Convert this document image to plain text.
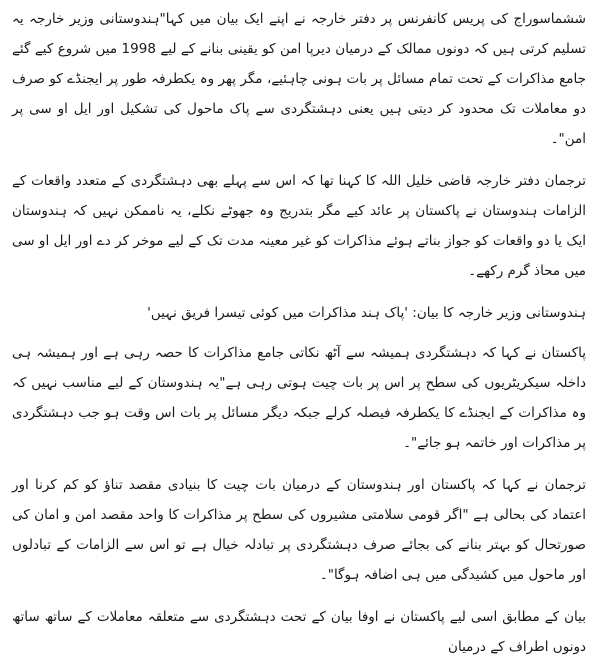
ششماسوراج کی پریس کانفرنس پر دفتر خارجہ نے اپنے ایک بیان میں کہا"ہندوستانی وزیر خارجہ یہ تسلیم کرتی ہیں کہ دونوں ممالک کے درمیان دیرپا امن کو یقینی بنانے کے لیے 1998 میں شروع کیے گئے جامع مذاکرات کے تحت تمام مسائل پر بات ہونی چاہئیے، مگر پھر وہ یکطرفہ طور پر ایجنڈے کو صرف دو معاملات تک محدود کر دیتی ہیں یعنی دہشتگردی سے پاک ماحول کی تشکیل اور ایل او سی پر امن"۔

ترجمان دفتر خارجہ قاضی خلیل اللہ کا کہنا تھا کہ اس سے پہلے بھی دہشتگردی کے متعدد واقعات کے الزامات ہندوستان نے پاکستان پر عائد کیے مگر بتدریج وہ جھوٹے نکلے، یہ ناممکن نہیں کہ ہندوستان ایک یا دو واقعات کو جواز بناتے ہوئے مذاکرات کو غیر معینہ مدت تک کے لیے موخر کر دے اور ایل او سی میں محاذ گرم رکھے۔

ہندوستانی وزیر خارجہ کا بیان: 'پاک ہند مذاکرات میں کوئی تیسرا فریق نہیں'

پاکستان نے کہا کہ دہشتگردی ہمیشہ سے آٹھ نکاتی جامع مذاکرات کا حصہ رہی ہے اور ہمیشہ ہی داخلہ سیکریٹریوں کی سطح پر اس پر بات چیت ہوتی رہی ہے"یہ ہندوستان کے لیے مناسب نہیں کہ وہ مذاکرات کے ایجنڈے کا یکطرفہ فیصلہ کرلے جبکہ دیگر مسائل پر بات اس وقت ہو جب دہشتگردی پر مذاکرات اور خاتمہ ہو جائے"۔

ترجمان نے کہا کہ پاکستان اور ہندوستان کے درمیان بات چیت کا بنیادی مقصد تناؤ کو کم کرنا اور اعتماد کی بحالی ہے "اگر قومی سلامتی مشیروں کی سطح پر مذاکرات کا واحد مقصد امن و امان کی صورتحال کو بہتر بنانے کی بجائے صرف دہشتگردی پر تبادلہ خیال ہے تو اس سے الزامات کے تبادلوں اور ماحول میں کشیدگی میں ہی اضافہ ہوگا"۔

بیان کے مطابق اسی لیے پاکستان نے اوفا بیان کے تحت دہشتگردی سے متعلقہ معاملات کے ساتھ ساتھ دونوں اطراف کے درمیان
